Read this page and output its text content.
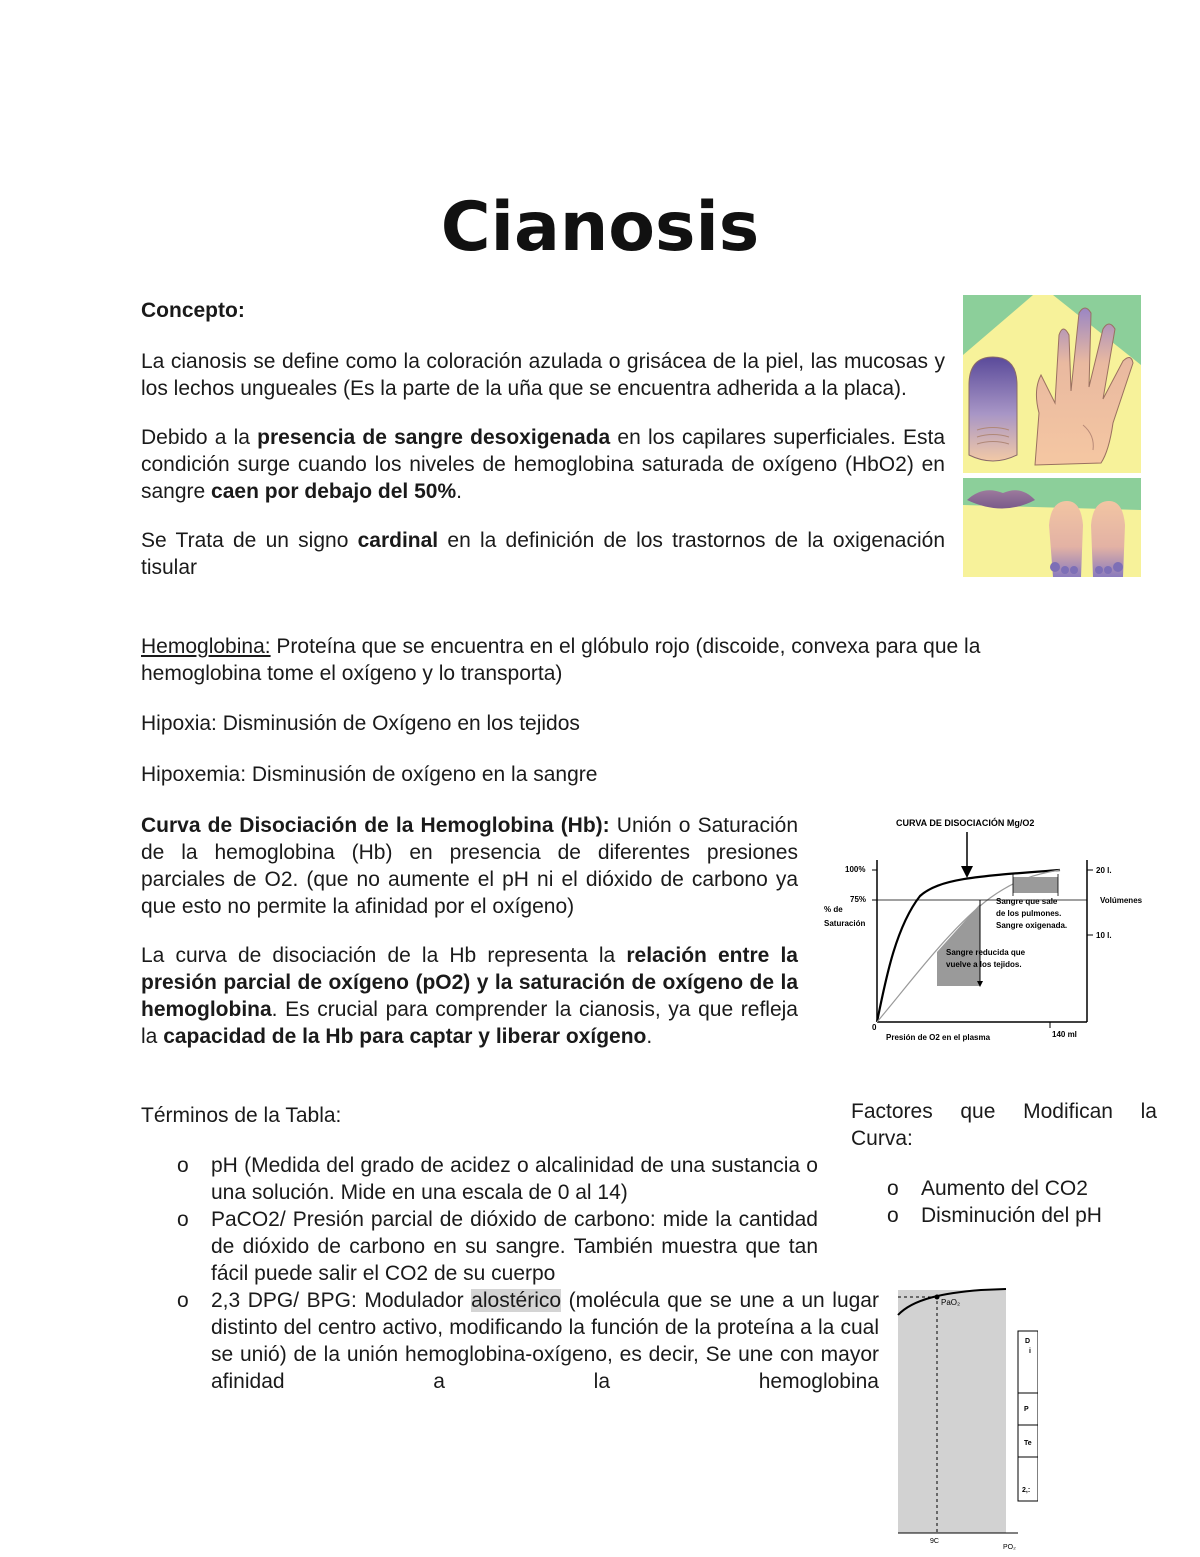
Cianosis

Concepto:

La cianosis se define como la coloración azulada o grisácea de la piel, las mucosas y los lechos ungueales (Es la parte de la uña que se encuentra adherida a la placa).

Debido a la presencia de sangre desoxigenada en los capilares superficiales. Esta condición surge cuando los niveles de hemoglobina saturada de oxígeno (HbO2) en sangre caen por debajo del 50%.

Se Trata de un signo cardinal en la definición de los trastornos de la oxigenación tisular

Hemoglobina: Proteína que se encuentra en el glóbulo rojo (discoide, convexa para que la hemoglobina tome el oxígeno y lo transporta)

Hipoxia: Disminusión de Oxígeno en los tejidos

Hipoxemia: Disminusión de oxígeno en la sangre

Curva de Disociación de la Hemoglobina (Hb): Unión o Saturación de la hemoglobina (Hb) en presencia de diferentes presiones parciales de O2. (que no aumente el pH ni el dióxido de carbono ya que esto no permite la afinidad por el oxígeno)

La curva de disociación de la Hb representa la relación entre la presión parcial de oxígeno (pO2) y la saturación de oxígeno de la hemoglobina. Es crucial para comprender la cianosis, ya que refleja la capacidad de la Hb para captar y liberar oxígeno.

CURVA DE DISOCIACIÓN Mg/O2
100%
75%
% de
Saturación
0
Presión de O2 en el plasma	140 ml
20 l.
10 l.
Volúmenes
Sangre que sale
de los pulmones.
Sangre oxigenada.
Sangre reducida que
vuelve a los tejidos.

Términos de la Tabla:

o pH (Medida del grado de acidez o alcalinidad de una sustancia o una solución. Mide en una escala de 0 al 14)
o PaCO2/ Presión parcial de dióxido de carbono: mide la cantidad de dióxido de carbono en su sangre. También muestra que tan fácil puede salir el CO2 de su cuerpo
o 2,3 DPG/ BPG: Modulador alostérico (molécula que se une a un lugar distinto del centro activo, modificando la función de la proteína a la cual se unió) de la unión hemoglobina-oxígeno, es decir, Se une con mayor afinidad a la hemoglobina

Factores que Modifican la Curva:

o Aumento del CO2
o Disminución del pH
PaO₂
9C
PO₂
D
i
P
Te
2,:
